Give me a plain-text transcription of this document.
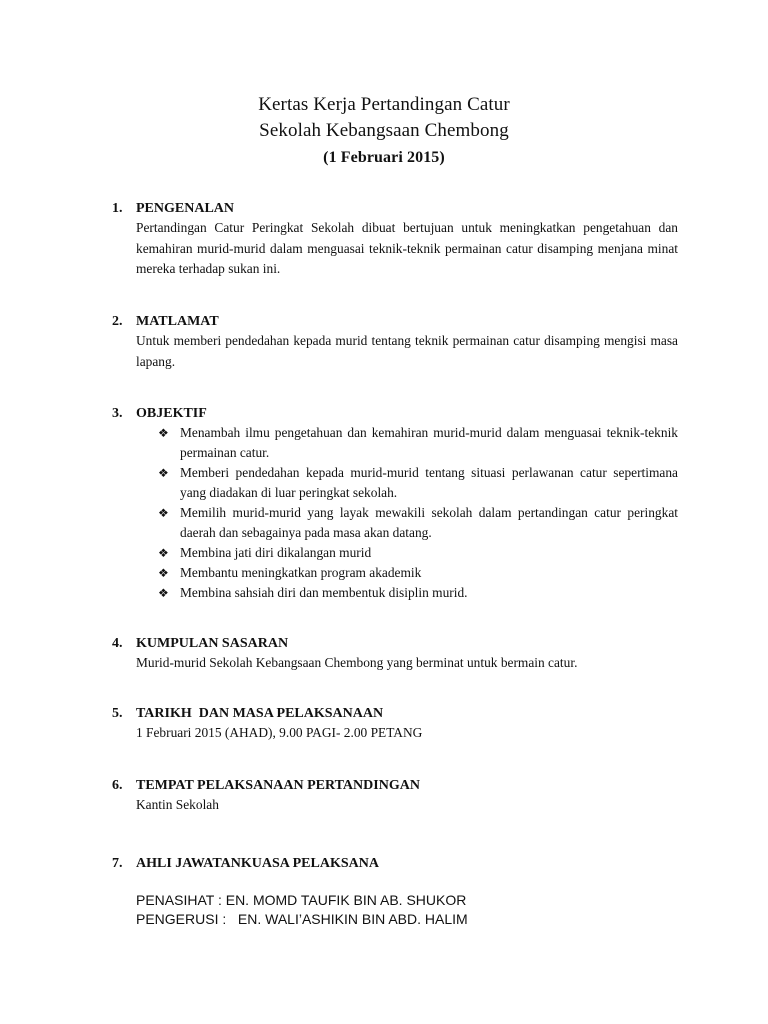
Kertas Kerja Pertandingan Catur
Sekolah Kebangsaan Chembong
(1 Februari 2015)
1. PENGENALAN
Pertandingan Catur Peringkat Sekolah dibuat bertujuan untuk meningkatkan pengetahuan dan kemahiran murid-murid dalam menguasai teknik-teknik permainan catur disamping menjana minat mereka terhadap sukan ini.
2. MATLAMAT
Untuk memberi pendedahan kepada murid tentang teknik permainan catur disamping mengisi masa lapang.
3. OBJEKTIF
❖ Menambah ilmu pengetahuan dan kemahiran murid-murid dalam menguasai teknik-teknik permainan catur.
❖ Memberi pendedahan kepada murid-murid tentang situasi perlawanan catur sepertimana yang diadakan di luar peringkat sekolah.
❖ Memilih murid-murid yang layak mewakili sekolah dalam pertandingan catur peringkat daerah dan sebagainya pada masa akan datang.
❖ Membina jati diri dikalangan murid
❖ Membantu meningkatkan program akademik
❖ Membina sahsiah diri dan membentuk disiplin murid.
4. KUMPULAN SASARAN
Murid-murid Sekolah Kebangsaan Chembong yang berminat untuk bermain catur.
5. TARIKH  DAN MASA PELAKSANAAN
1 Februari 2015 (AHAD), 9.00 PAGI- 2.00 PETANG
6. TEMPAT PELAKSANAAN PERTANDINGAN
Kantin Sekolah
7. AHLI JAWATANKUASA PELAKSANA
PENASIHAT : EN. MOMD TAUFIK BIN AB. SHUKOR
PENGERUSI :   EN. WALI’ASHIKIN BIN ABD. HALIM
